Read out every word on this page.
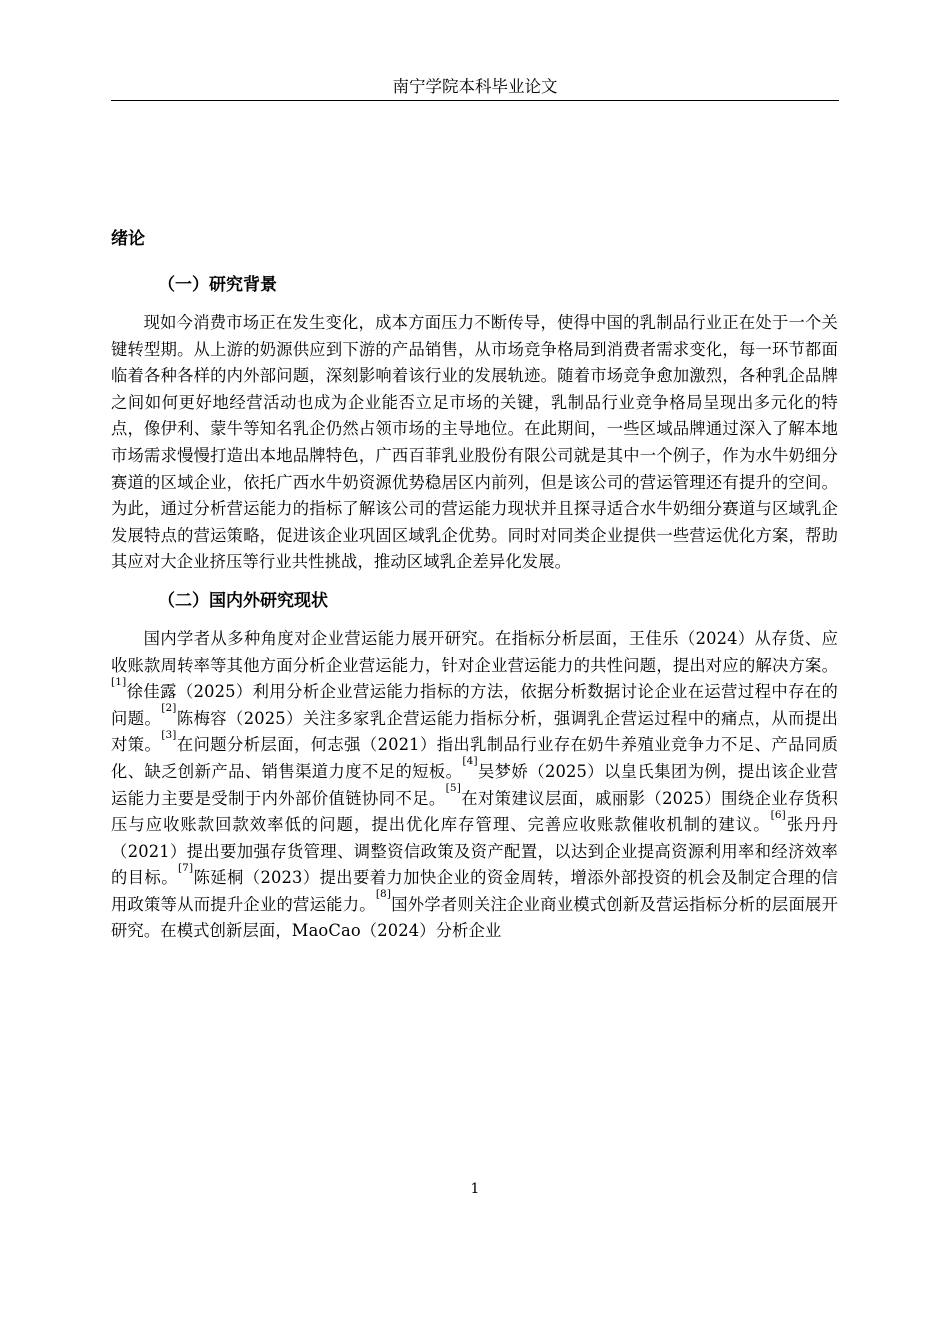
南宁学院本科毕业论文
绪论
（一）研究背景

现如今消费市场正在发生变化，成本方面压力不断传导，使得中国的乳制品行业正在处于一个关键转型期。从上游的奶源供应到下游的产品销售，从市场竞争格局到消费者需求变化，每一环节都面临着各种各样的内外部问题，深刻影响着该行业的发展轨迹。随着市场竞争愈加激烈，各种乳企品牌之间如何更好地经营活动也成为企业能否立足市场的关键，乳制品行业竞争格局呈现出多元化的特点，像伊利、蒙牛等知名乳企仍然占领市场的主导地位。在此期间，一些区域品牌通过深入了解本地市场需求慢慢打造出本地品牌特色，广西百菲乳业股份有限公司就是其中一个例子，作为水牛奶细分赛道的区域企业，依托广西水牛奶资源优势稳居区内前列，但是该公司的营运管理还有提升的空间。为此，通过分析营运能力的指标了解该公司的营运能力现状并且探寻适合水牛奶细分赛道与区域乳企发展特点的营运策略，促进该企业巩固区域乳企优势。同时对同类企业提供一些营运优化方案，帮助其应对大企业挤压等行业共性挑战，推动区域乳企差异化发展。

（二）国内外研究现状

国内学者从多种角度对企业营运能力展开研究。在指标分析层面，王佳乐（2024）从存货、应收账款周转率等其他方面分析企业营运能力，针对企业营运能力的共性问题，提出对应的解决方案。[1]徐佳露（2025）利用分析企业营运能力指标的方法，依据分析数据讨论企业在运营过程中存在的问题。[2]陈梅容（2025）关注多家乳企营运能力指标分析，强调乳企营运过程中的痛点，从而提出对策。[3]在问题分析层面，何志强（2021）指出乳制品行业存在奶牛养殖业竞争力不足、产品同质化、缺乏创新产品、销售渠道力度不足的短板。[4]吴梦娇（2025）以皇氏集团为例，提出该企业营运能力主要是受制于内外部价值链协同不足。[5]在对策建议层面，戚丽影（2025）围绕企业存货积压与应收账款回款效率低的问题，提出优化库存管理、完善应收账款催收机制的建议。[6]张丹丹（2021）提出要加强存货管理、调整资信政策及资产配置，以达到企业提高资源利用率和经济效率的目标。[7]陈延桐（2023）提出要着力加快企业的资金周转，增添外部投资的机会及制定合理的信用政策等从而提升企业的营运能力。[8]国外学者则关注企业商业模式创新及营运指标分析的层面展开研究。在模式创新层面，MaoCao（2024）分析企业

1
